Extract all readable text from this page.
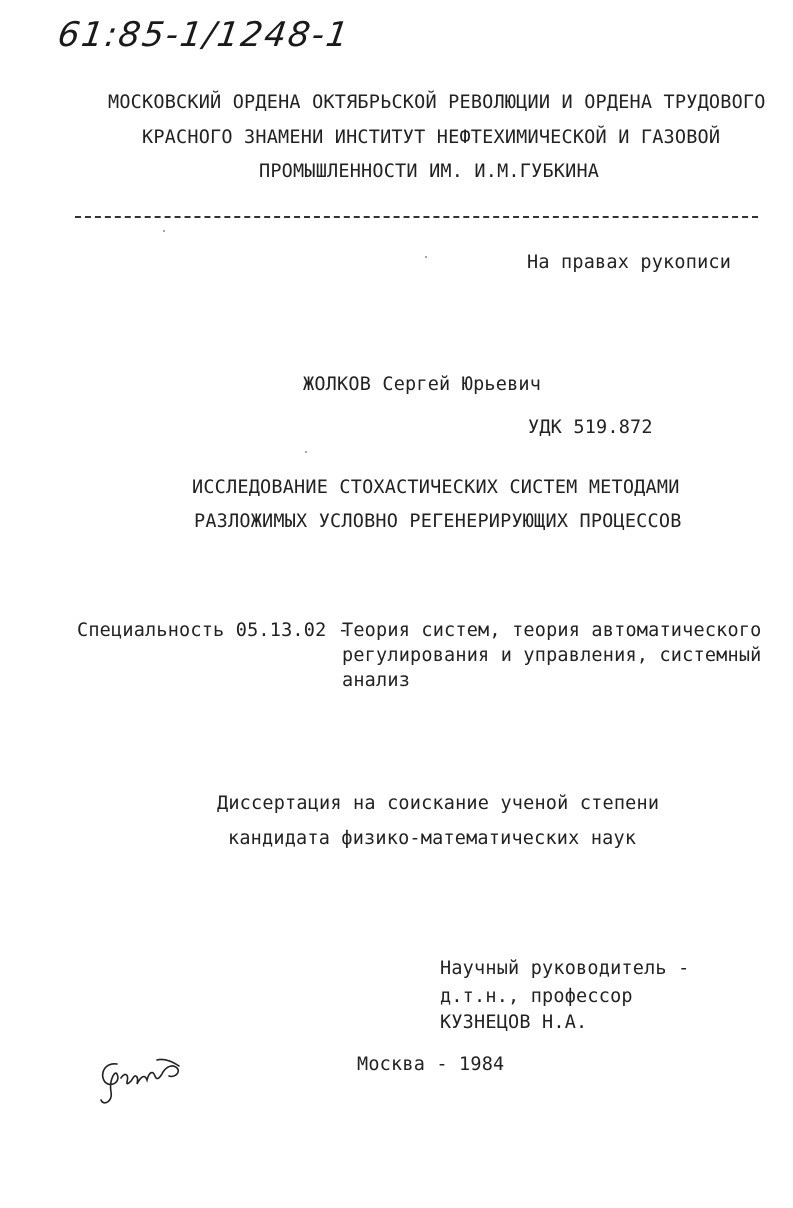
61:85-1/1248-1
МОСКОВСКИЙ ОРДЕНА ОКТЯБРЬСКОЙ РЕВОЛЮЦИИ И ОРДЕНА ТРУДОВОГО
КРАСНОГО ЗНАМЕНИ ИНСТИТУТ НЕФТЕХИМИЧЕСКОЙ И ГАЗОВОЙ
ПРОМЫШЛЕННОСТИ ИМ. И.М.ГУБКИНА
На правах рукописи
ЖОЛКОВ Сергей Юрьевич
УДК 519.872
ИССЛЕДОВАНИЕ СТОХАСТИЧЕСКИХ СИСТЕМ МЕТОДАМИ
РАЗЛОЖИМЫХ УСЛОВНО РЕГЕНЕРИРУЮЩИХ ПРОЦЕССОВ
Специальность 05.13.02 -
Теория систем, теория автоматического
регулирования и управления, системный
анализ
Диссертация на соискание ученой степени
кандидата физико-математических наук
Научный руководитель -
д.т.н., профессор
КУЗНЕЦОВ Н.А.
Москва - 1984
Сам
